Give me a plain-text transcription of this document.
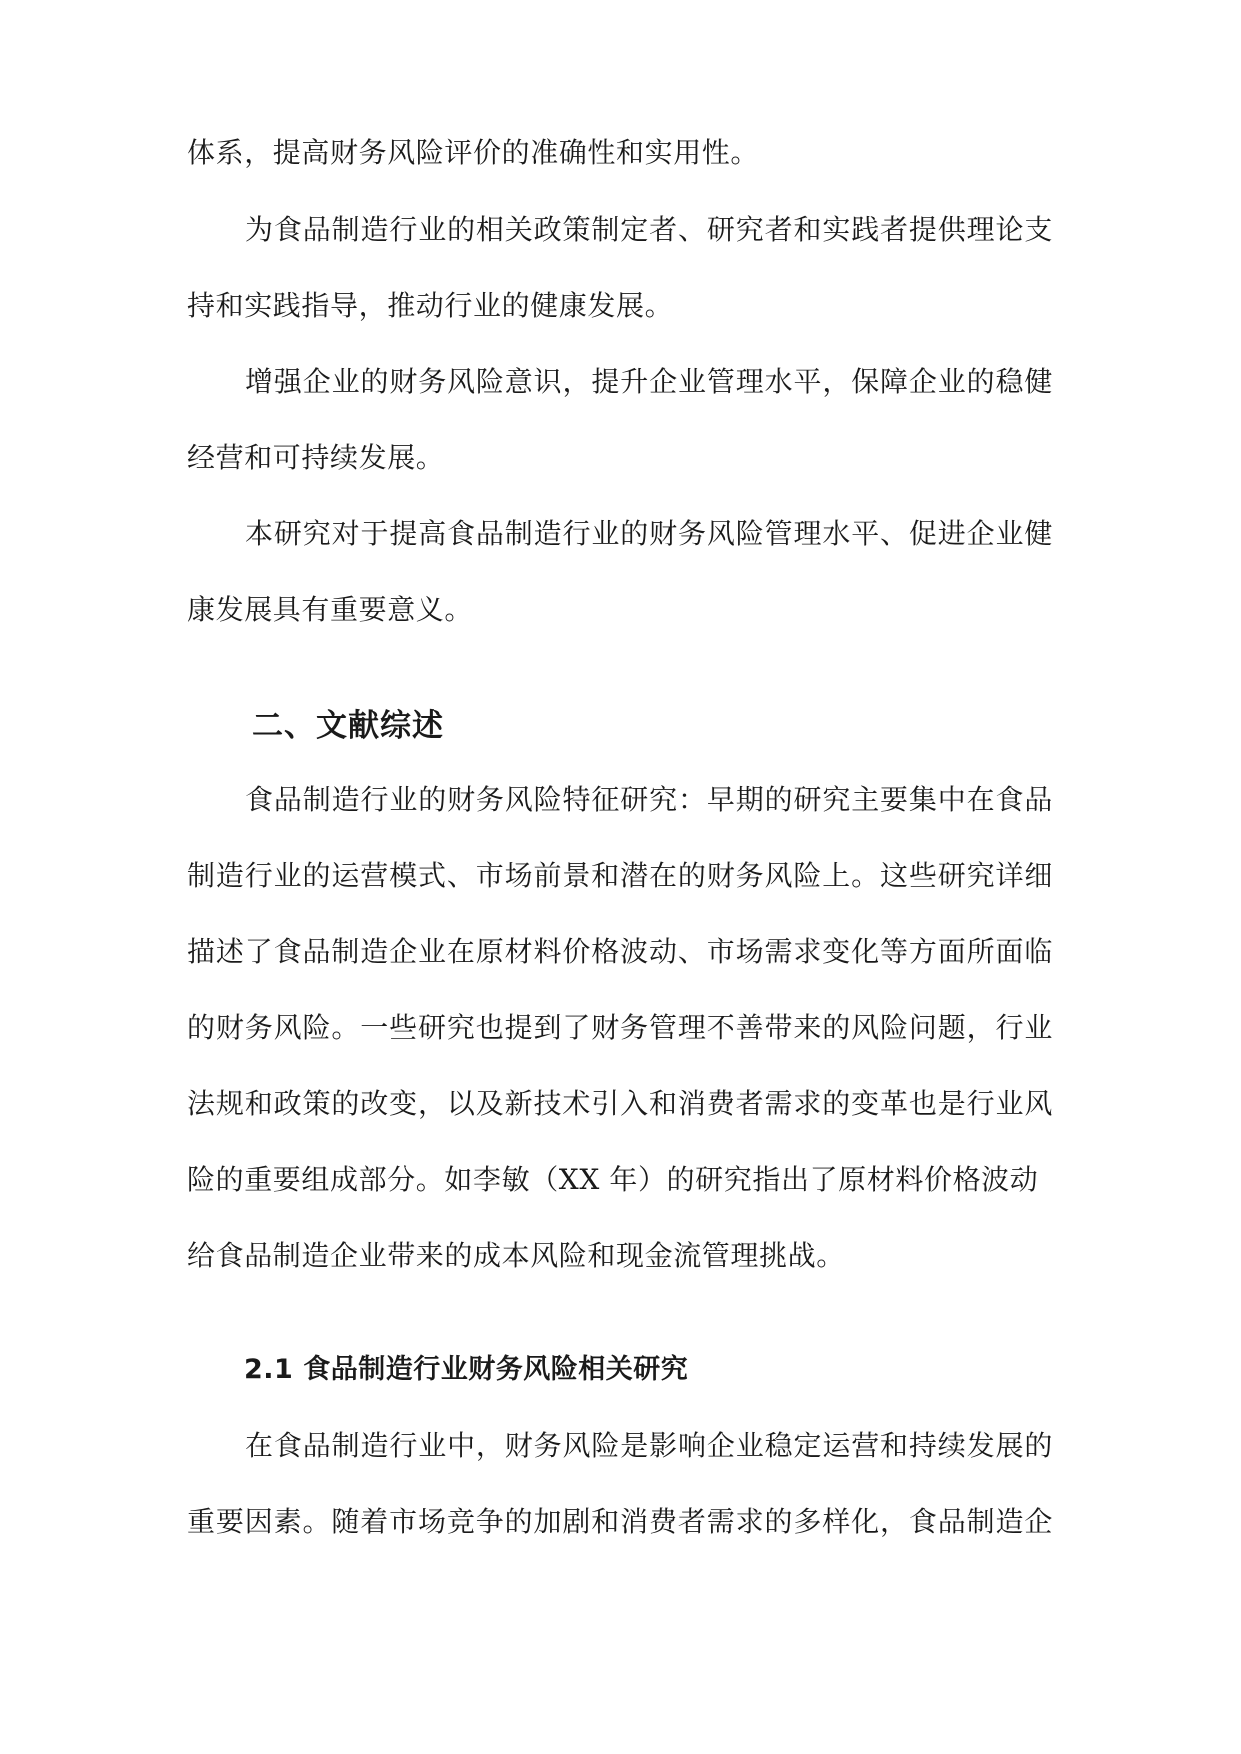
体系，提高财务风险评价的准确性和实用性。
为食品制造行业的相关政策制定者、研究者和实践者提供理论支
持和实践指导，推动行业的健康发展。
增强企业的财务风险意识，提升企业管理水平，保障企业的稳健
经营和可持续发展。
本研究对于提高食品制造行业的财务风险管理水平、促进企业健
康发展具有重要意义。
二、文献综述
食品制造行业的财务风险特征研究：早期的研究主要集中在食品
制造行业的运营模式、市场前景和潜在的财务风险上。这些研究详细
描述了食品制造企业在原材料价格波动、市场需求变化等方面所面临
的财务风险。一些研究也提到了财务管理不善带来的风险问题，行业
法规和政策的改变，以及新技术引入和消费者需求的变革也是行业风
险的重要组成部分。如李敏（XX 年）的研究指出了原材料价格波动
给食品制造企业带来的成本风险和现金流管理挑战。
2.1 食品制造行业财务风险相关研究
在食品制造行业中，财务风险是影响企业稳定运营和持续发展的
重要因素。随着市场竞争的加剧和消费者需求的多样化，食品制造企
